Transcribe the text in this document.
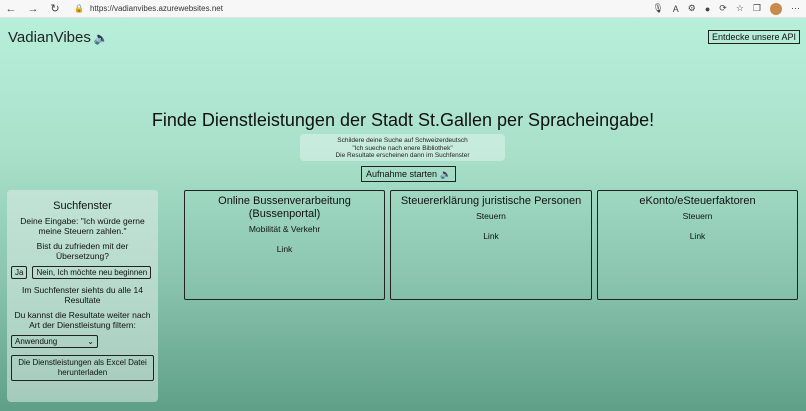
←	→	↻	🔒 https://vadianvibes.azurewebsites.net	🎙 A ⚙ ● ⟳ ☆ ❐	⋯
VadianVibes 🔈	Entdecke unsere API
Finde Dienstleistungen der Stadt St.Gallen per Spracheingabe!
Schildere deine Suche auf Schweizerdeutsch
"Ich sueche nach enere Bibliothek"
Die Resultate erscheinen dann im Suchfenster
Aufnahme starten 🔈
Suchfenster

Deine Eingabe: "Ich würde gerne meine Steuern zahlen."

Bist du zufrieden mit der Übersetzung?

Ja	Nein, Ich möchte neu beginnen

Im Suchfenster siehts du alle 14 Resultate

Du kannst die Resultate weiter nach Art der Dienstleistung filtern:

Anwendung	⌄
Die Dienstleistungen als Excel Datei herunterladen
Online Bussenverarbeitung (Bussenportal)
Mobilität & Verkehr
Link
Steuererklärung juristische Personen
Steuern
Link
eKonto/eSteuerfaktoren
Steuern
Link
